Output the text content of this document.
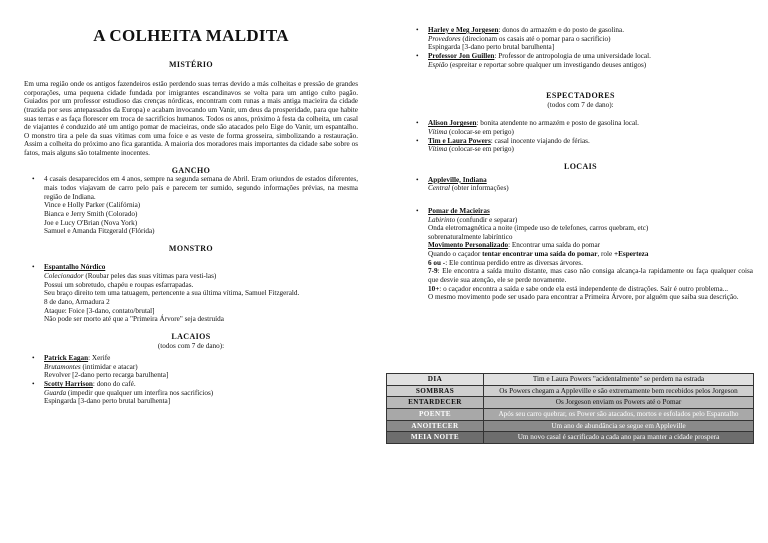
A COLHEITA MALDITA
MISTÉRIO

Em uma região onde os antigos fazendeiros estão perdendo suas terras devido a más colheitas e pressão de grandes corporações, uma pequena cidade fundada por imigrantes escandinavos se volta para um antigo culto pagão. Guiados por um professor estudioso das crenças nórdicas, encontram com runas a mais antiga macieira da cidade (trazida por seus antepassados da Europa) e acabam invocando um Vanir, um deus da prosperidade, para que habite suas terras e as faça florescer em troca de sacrifícios humanos. Todos os anos, próximo à festa da colheita, um casal de viajantes é conduzido até um antigo pomar de macieiras, onde são atacados pelo Eige do Vanir, um espantalho. O monstro tira a pele da suas vítimas com uma foice e as veste de forma grosseira, simbolizando a restauração. Assim a colheita do próximo ano fica garantida. A maioria dos moradores mais importantes da cidade sabe sobre os fatos, mais alguns são totalmente inocentes.

GANCHO
• 4 casais desaparecidos em 4 anos, sempre na segunda semana de Abril. Eram oriundos de estados diferentes, mais todos viajavam de carro pelo país e parecem ter sumido, segundo informações prévias, na mesma região de Indiana.
Vince e Holly Parker (Califórnia)
Bianca e Jerry Smith (Colorado)
Joe e Lucy O'Brian (Nova York)
Samuel e Amanda Fitzgerald (Flórida)
MONSTRO
• Espantalho Nórdico
Colecionador (Roubar peles das suas vítimas para vesti-las)
Possui um sobretudo, chapéu e roupas esfarrapadas.
Seu braço direito tem uma tatuagem, pertencente a sua última vítima, Samuel Fitzgerald.
8 de dano, Armadura 2
Ataque: Foice [3-dano, contato/brutal]
Não pode ser morto até que a "Primeira Árvore" seja destruída
LACAIOS
(todos com 7 de dano):
• Patrick Eagan: Xerife
Brutamontes (intimidar e atacar)
Revolver [2-dano perto recarga barulhenta]
• Scotty Harrison: dono do café.
Guarda (impedir que qualquer um interfira nos sacrifícios)
Espingarda [3-dano perto brutal barulhenta]
• Harley e Meg Jorgesen: donos do armazém e do posto de gasolina.
Provedores (direcionam os casais até o pomar para o sacrifício)
Espingarda [3-dano perto brutal barulhenta]
• Professor Jon Guillen: Professor de antropologia de uma universidade local.
Espião (espreitar e reportar sobre qualquer um investigando deuses antigos)
ESPECTADORES
(todos com 7 de dano):
• Alison Jorgesen: bonita atendente no armazém e posto de gasolina local.
Vítima (colocar-se em perigo)
• Tim e Laura Powers: casal inocente viajando de férias.
Vítima (colocar-se em perigo)
LOCAIS
• Appleville, Indiana
Central (obter informações)
• Pomar de Macieiras
Labirinto (confundir e separar)
Onda eletromagnética a noite (impede uso de telefones, carros quebram, etc)
sobrenaturalmente labiríntico
Movimento Personalizado: Encontrar uma saída do pomar
Quando o caçador tentar encontrar uma saída do pomar, role +Esperteza
6 ou -: Ele continua perdido entre as diversas árvores.
7-9: Ele encontra a saída muito distante, mas caso não consiga alcança-la rapidamente ou faça qualquer coisa que desvie sua atenção, ele se perde novamente.
10+: o caçador encontra a saída e sabe onde ela está independente de distrações. Saír é outro problema...
O mesmo movimento pode ser usado para encontrar a Primeira Árvore, por alguém que saiba sua descrição.
DIA	Tim e Laura Powers "acidentalmente" se perdem na estrada
SOMBRAS	Os Powers chegam a Appleville e são extremamente bem recebidos pelos Jorgeson
ENTARDECER	Os Jorgeson enviam os Powers até o Pomar
POENTE	Após seu carro quebrar, os Power são atacados, mortos e esfolados pelo Espantalho
ANOITECER	Um ano de abundância se segue em Appleville
MEIA NOITE	Um novo casal é sacrificado a cada ano para manter a cidade prospera
